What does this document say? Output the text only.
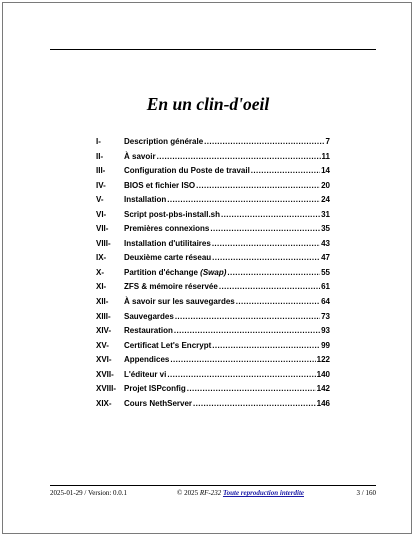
En un clin-d'oeil
I-	Description générale .....	7
II-	À savoir .....	11
III-	Configuration du Poste de travail .....	14
IV-	BIOS et fichier ISO .....	20
V-	Installation .....	24
VI-	Script post-pbs-install.sh .....	31
VII-	Premières connexions .....	35
VIII-	Installation d'utilitaires .....	43
IX-	Deuxième carte réseau .....	47
X-	Partition d'échange (Swap) .....	55
XI-	ZFS & mémoire réservée .....	61
XII-	À savoir sur les sauvegardes .....	64
XIII-	Sauvegardes .....	73
XIV-	Restauration .....	93
XV-	Certificat Let's Encrypt .....	99
XVI-	Appendices .....	122
XVII-	L'éditeur vi .....	140
XVIII- Projet ISPconfig .....	142
XIX-	Cours NethServer .....	146
2025-01-29 / Version: 0.0.1	© 2025 RF-232 Toute reproduction interdite	3 / 160
